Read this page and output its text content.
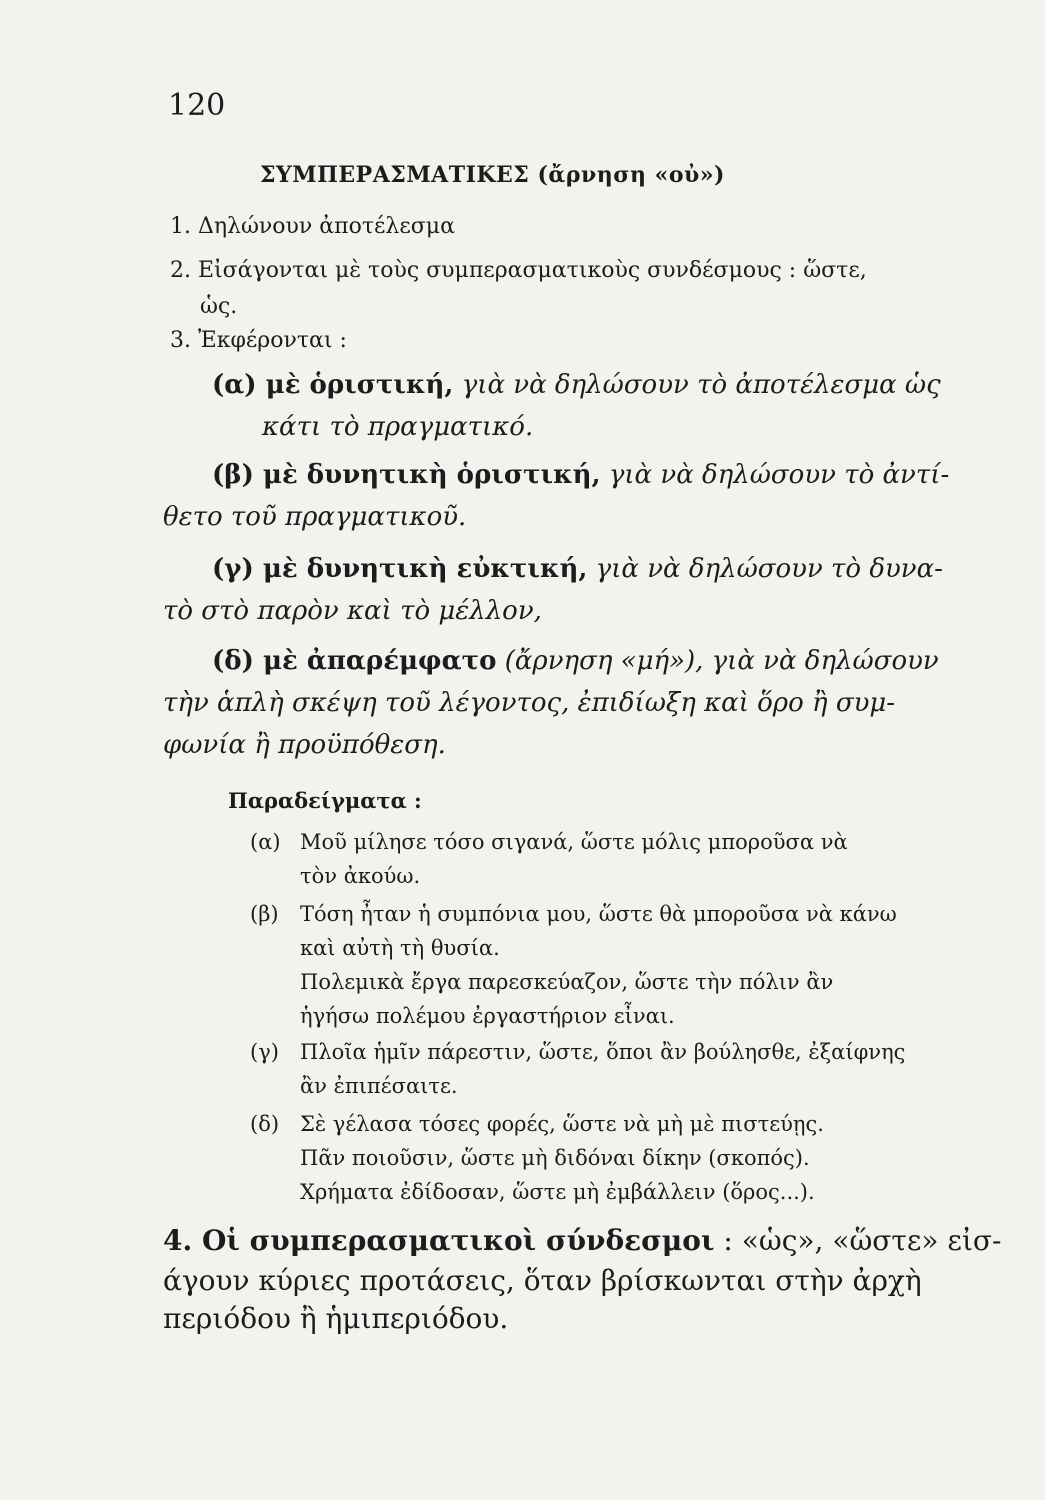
120
ΣΥΜΠΕΡΑΣΜΑΤΙΚΕΣ (ἄρνηση «οὐ»)
1. Δηλώνουν ἀποτέλεσμα
2. Εἰσάγονται μὲ τοὺς συμπερασματικοὺς συνδέσμους : ὥστε,
ὡς.
3. Ἐκφέρονται :
(α) μὲ ὁριστική, γιὰ νὰ δηλώσουν τὸ ἀποτέλεσμα ὡς
κάτι τὸ πραγματικό.
(β) μὲ δυνητικὴ ὁριστική, γιὰ νὰ δηλώσουν τὸ ἀντί-
θετο τοῦ πραγματικοῦ.
(γ) μὲ δυνητικὴ εὐκτική, γιὰ νὰ δηλώσουν τὸ δυνα-
τὸ στὸ παρὸν καὶ τὸ μέλλον,
(δ) μὲ ἀπαρέμφατο (ἄρνηση «μή»), γιὰ νὰ δηλώσουν
τὴν ἁπλὴ σκέψη τοῦ λέγοντος, ἐπιδίωξη καὶ ὅρο ἢ συμ-
φωνία ἢ προϋπόθεση.
Παραδείγματα :
(α) Μοῦ μίλησε τόσο σιγανά, ὥστε μόλις μποροῦσα νὰ
τὸν ἀκούω.
(β) Τόση ἦταν ἡ συμπόνια μου, ὥστε θὰ μποροῦσα νὰ κάνω
καὶ αὐτὴ τὴ θυσία.
Πολεμικὰ ἔργα παρεσκεύαζον, ὥστε τὴν πόλιν ἂν
ἡγήσω πολέμου ἐργαστήριον εἶναι.
(γ) Πλοῖα ἡμῖν πάρεστιν, ὥστε, ὅποι ἂν βούλησθε, ἐξαίφνης
ἂν ἐπιπέσαιτε.
(δ) Σὲ γέλασα τόσες φορές, ὥστε νὰ μὴ μὲ πιστεύῃς.
Πᾶν ποιοῦσιν, ὥστε μὴ διδόναι δίκην (σκοπός).
Χρήματα ἐδίδοσαν, ὥστε μὴ ἐμβάλλειν (ὅρος...).
4. Οἱ συμπερασματικοὶ σύνδεσμοι : «ὡς», «ὥστε» εἰσ-
άγουν κύριες προτάσεις, ὅταν βρίσκωνται στὴν ἀρχὴ
περιόδου ἢ ἡμιπεριόδου.
